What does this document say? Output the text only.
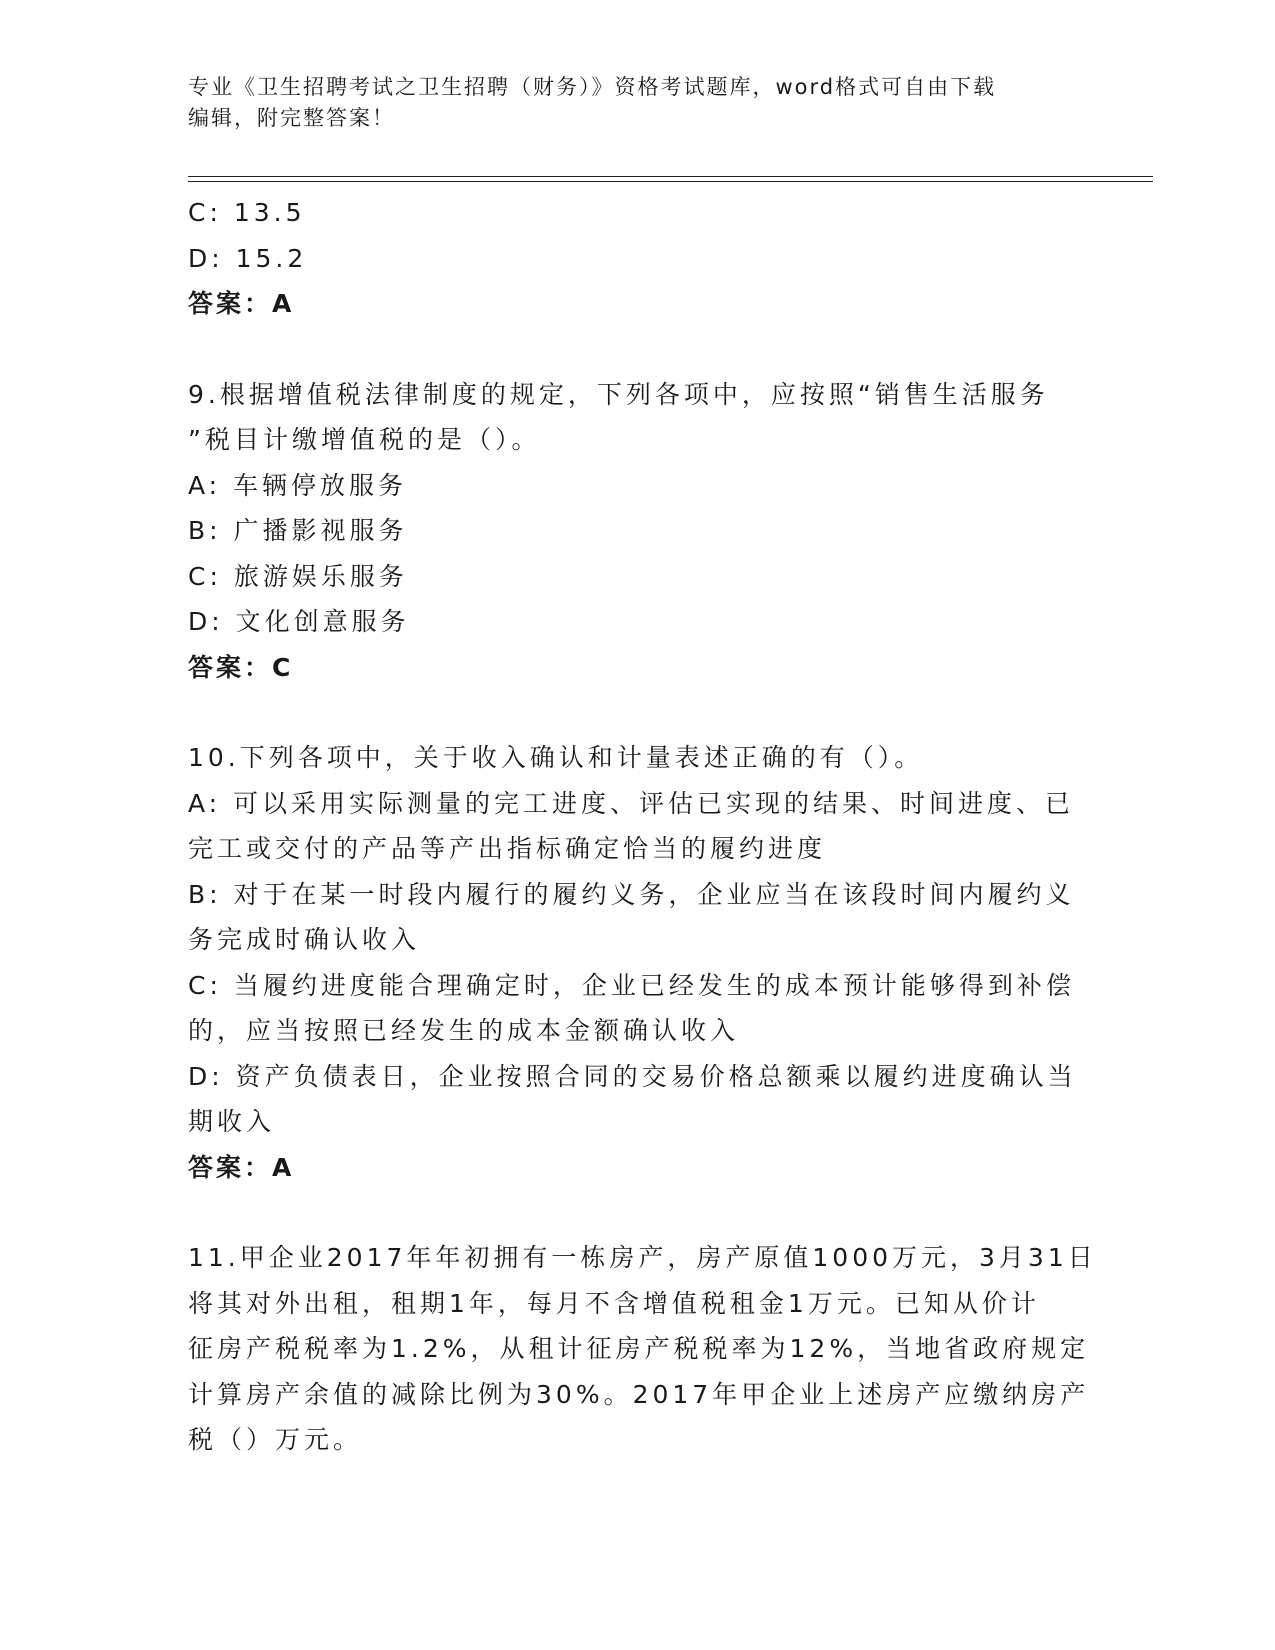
专业《卫生招聘考试之卫生招聘（财务）》资格考试题库，word格式可自由下载

编辑，附完整答案！

C: 13.5

D: 15.2

答案：A

9.根据增值税法律制度的规定，下列各项中，应按照“销售生活服务

”税目计缴增值税的是（）。

A: 车辆停放服务

B: 广播影视服务

C: 旅游娱乐服务

D: 文化创意服务

答案：C

10.下列各项中，关于收入确认和计量表述正确的有（）。

A: 可以采用实际测量的完工进度、评估已实现的结果、时间进度、已

完工或交付的产品等产出指标确定恰当的履约进度

B: 对于在某一时段内履行的履约义务，企业应当在该段时间内履约义

务完成时确认收入

C: 当履约进度能合理确定时，企业已经发生的成本预计能够得到补偿

的，应当按照已经发生的成本金额确认收入

D: 资产负债表日，企业按照合同的交易价格总额乘以履约进度确认当

期收入

答案：A

11.甲企业2017年年初拥有一栋房产，房产原值1000万元，3月31日

将其对外出租，租期1年，每月不含增值税租金1万元。已知从价计

征房产税税率为1.2%，从租计征房产税税率为12%，当地省政府规定

计算房产余值的减除比例为30%。2017年甲企业上述房产应缴纳房产

税（）万元。
